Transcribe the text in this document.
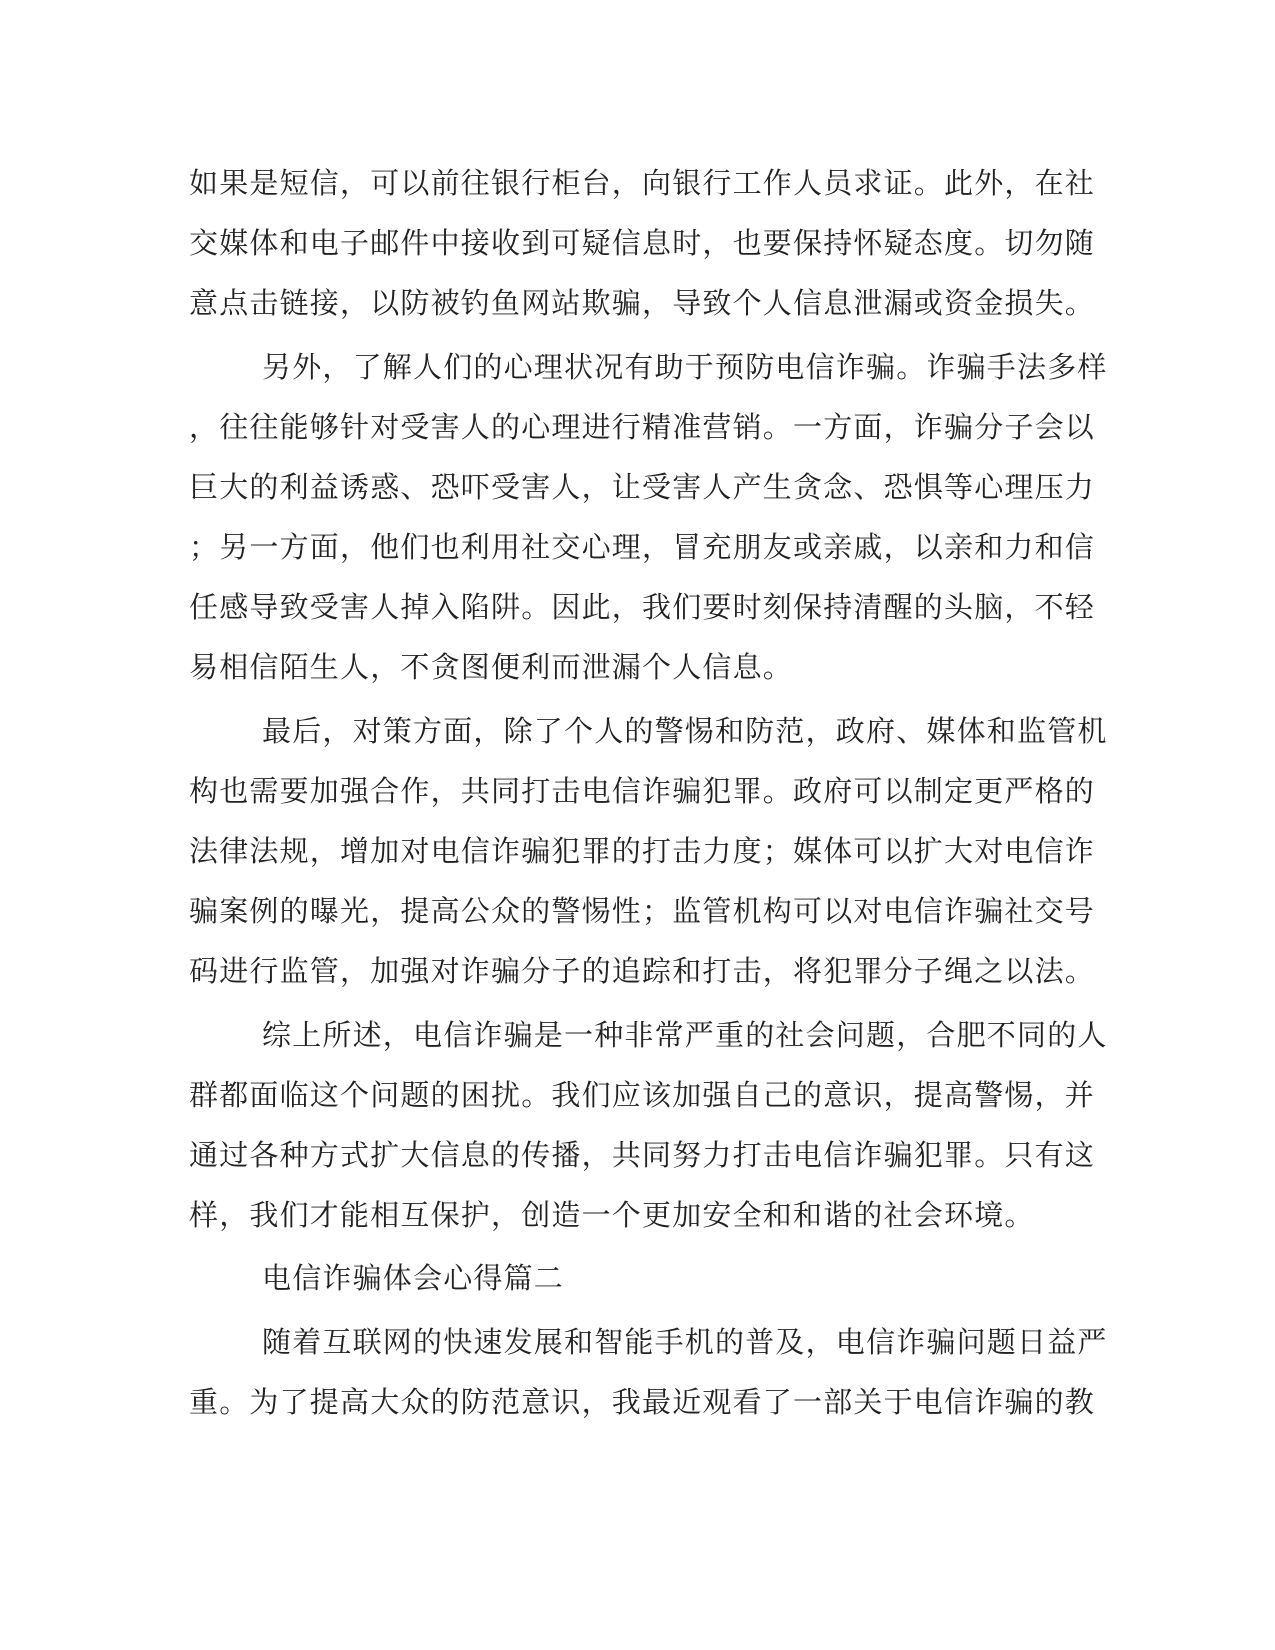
如果是短信，可以前往银行柜台，向银行工作人员求证。此外，在社
交媒体和电子邮件中接收到可疑信息时，也要保持怀疑态度。切勿随
意点击链接，以防被钓鱼网站欺骗，导致个人信息泄漏或资金损失。
另外，了解人们的心理状况有助于预防电信诈骗。诈骗手法多样
，往往能够针对受害人的心理进行精准营销。一方面，诈骗分子会以
巨大的利益诱惑、恐吓受害人，让受害人产生贪念、恐惧等心理压力
；另一方面，他们也利用社交心理，冒充朋友或亲戚，以亲和力和信
任感导致受害人掉入陷阱。因此，我们要时刻保持清醒的头脑，不轻
易相信陌生人，不贪图便利而泄漏个人信息。
最后，对策方面，除了个人的警惕和防范，政府、媒体和监管机
构也需要加强合作，共同打击电信诈骗犯罪。政府可以制定更严格的
法律法规，增加对电信诈骗犯罪的打击力度；媒体可以扩大对电信诈
骗案例的曝光，提高公众的警惕性；监管机构可以对电信诈骗社交号
码进行监管，加强对诈骗分子的追踪和打击，将犯罪分子绳之以法。
综上所述，电信诈骗是一种非常严重的社会问题，合肥不同的人
群都面临这个问题的困扰。我们应该加强自己的意识，提高警惕，并
通过各种方式扩大信息的传播，共同努力打击电信诈骗犯罪。只有这
样，我们才能相互保护，创造一个更加安全和和谐的社会环境。
电信诈骗体会心得篇二
随着互联网的快速发展和智能手机的普及，电信诈骗问题日益严
重。为了提高大众的防范意识，我最近观看了一部关于电信诈骗的教
